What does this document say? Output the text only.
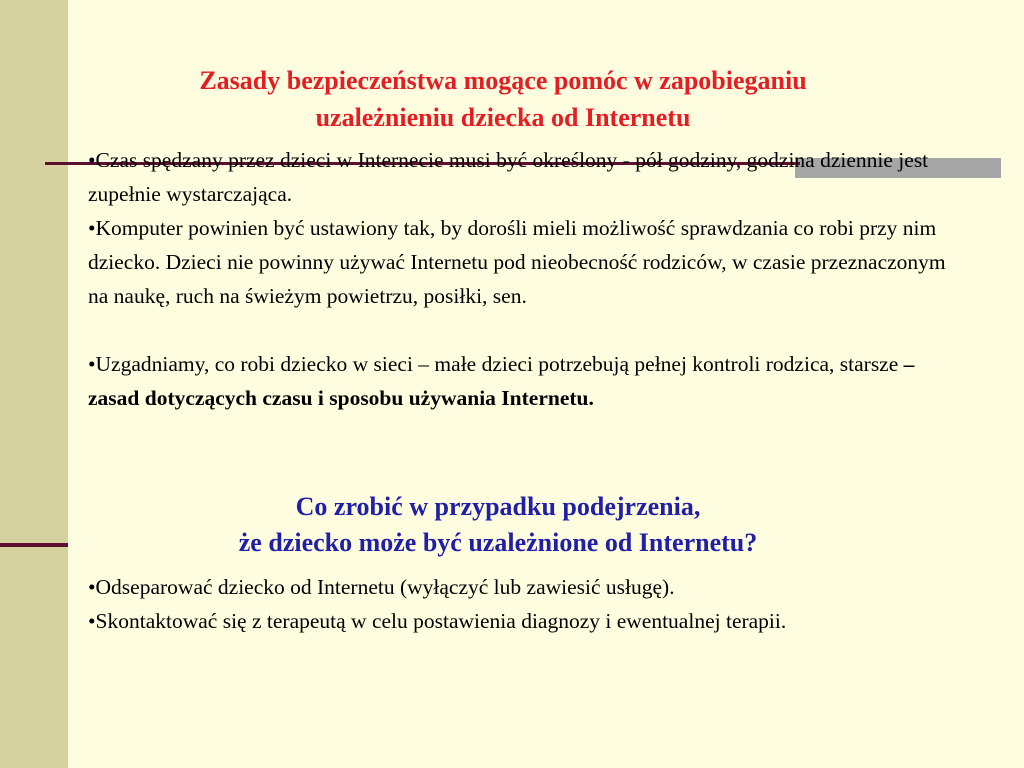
Zasady bezpieczeństwa mogące pomóc w zapobieganiu
uzależnieniu dziecka od Internetu

•Czas spędzany przez dzieci w Internecie musi być określony - pół godziny, godzina dziennie jest zupełnie wystarczająca.

•Komputer powinien być ustawiony tak, by dorośli mieli możliwość sprawdzania co robi przy nim dziecko. Dzieci nie powinny używać Internetu pod nieobecność rodziców, w czasie przeznaczonym na naukę, ruch na świeżym powietrzu, posiłki, sen.

•Uzgadniamy, co robi dziecko w sieci – małe dzieci potrzebują pełnej kontroli rodzica, starsze – zasad dotyczących czasu i sposobu używania Internetu.

Co zrobić w przypadku podejrzenia,
że dziecko może być uzależnione od Internetu?

•Odseparować dziecko od Internetu (wyłączyć lub zawiesić usługę).

•Skontaktować się z terapeutą w celu postawienia diagnozy i ewentualnej terapii.
